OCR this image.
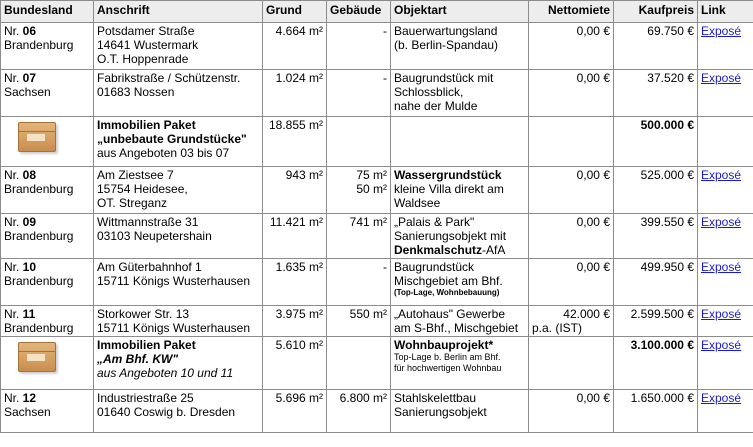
Bundesland	Anschrift	Grund	Gebäude	Objektart	Nettomiete	Kaufpreis	Link
Nr. 06
Brandenburg	Potsdamer Straße
14641 Wustermark
O.T. Hoppenrade	4.664 m²	-	Bauerwartungsland
(b. Berlin-Spandau)	0,00 €	69.750 €	Exposé
Nr. 07
Sachsen	Fabrikstraße / Schützenstr.
01683 Nossen	1.024 m²	-	Baugrundstück mit
Schlossblick,
nahe der Mulde	0,00 €	37.520 €	Exposé

	Immobilien Paket
„unbebaute Grundstücke"
aus Angeboten 03 bis 07	18.855 m²				500.000 €	
Nr. 08
Brandenburg	Am Ziestsee 7
15754 Heidesee,
OT. Streganz	943 m²	75 m²
50 m²	Wassergrundstück
kleine Villa direkt am
Waldsee	0,00 €	525.000 €	Exposé
Nr. 09
Brandenburg	Wittmannstraße 31
03103 Neupetershain	11.421 m²	741 m²	„Palais & Park"
Sanierungsobjekt mit
Denkmalschutz-AfA	0,00 €	399.550 €	Exposé
Nr. 10
Brandenburg	Am Güterbahnhof 1
15711 Königs Wusterhausen	1.635 m²	-	Baugrundstück
Mischgebiet am Bhf.
(Top-Lage, Wohnbebauung)	0,00 €	499.950 €	Exposé
Nr. 11
Brandenburg	Storkower Str. 13
15711 Königs Wusterhausen	3.975 m²	550 m²	„Autohaus" Gewerbe
am S-Bhf., Mischgebiet	42.000 €
p.a. (IST)	2.599.500 €	Exposé

	Immobilien Paket
„Am Bhf. KW"
aus Angeboten 10 und 11	5.610 m²		Wohnbauprojekt*
Top-Lage b. Berlin am Bhf.
für hochwertigen Wohnbau		3.100.000 €	Exposé
Nr. 12
Sachsen	Industriestraße 25
01640 Coswig b. Dresden	5.696 m²	6.800 m²	Stahlskelettbau
Sanierungsobjekt	0,00 €	1.650.000 €	Exposé
